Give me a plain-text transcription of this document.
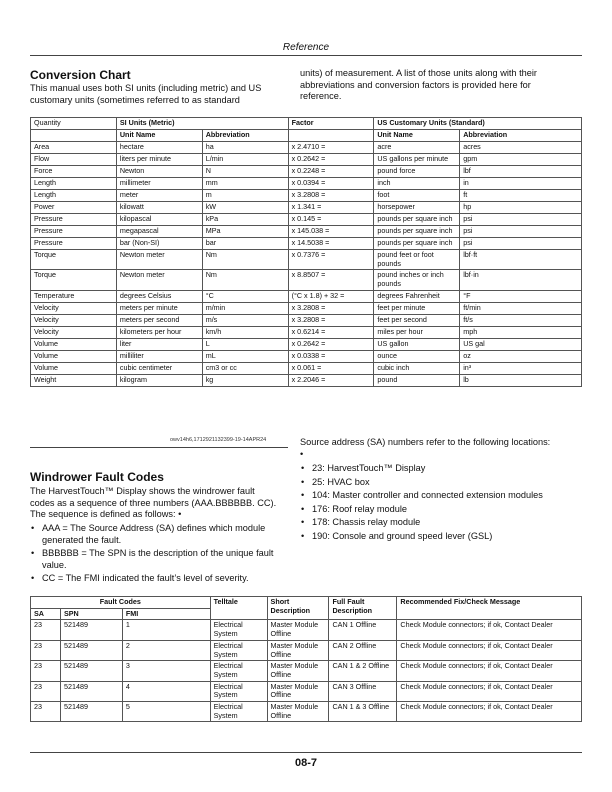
Reference
Conversion Chart
This manual uses both SI units (including metric) and US customary units (sometimes referred to as standard
units) of measurement. A list of those units along with their abbreviations and conversion factors is provided here for reference.
Quantity	SI Units (Metric)		Factor	US Customary Units (Standard)	
	Unit Name	Abbreviation		Unit Name	Abbreviation
Area	hectare	ha	x 2.4710 =	acre	acres
Flow	liters per minute	L/min	x 0.2642 =	US gallons per minute	gpm
Force	Newton	N	x 0.2248 =	pound force	lbf
Length	millimeter	mm	x 0.0394 =	inch	in
Length	meter	m	x 3.2808 =	foot	ft
Power	kilowatt	kW	x 1.341 =	horsepower	hp
Pressure	kilopascal	kPa	x 0.145 =	pounds per square inch	psi
Pressure	megapascal	MPa	x 145.038 =	pounds per square inch	psi
Pressure	bar (Non-SI)	bar	x 14.5038 =	pounds per square inch	psi
Torque	Newton meter	Nm	x 0.7376 =	pound feet or foot pounds	lbf·ft
Torque	Newton meter	Nm	x 8.8507 =	pound inches or inch pounds	lbf·in
Temperature	degrees Celsius	°C	(°C x 1.8) + 32 =	degrees Fahrenheit	°F
Velocity	meters per minute	m/min	x 3.2808 =	feet per minute	ft/min
Velocity	meters per second	m/s	x 3.2808 =	feet per second	ft/s
Velocity	kilometers per hour	km/h	x 0.6214 =	miles per hour	mph
Volume	liter	L	x 0.2642 =	US gallon	US gal
Volume	milliliter	mL	x 0.0338 =	ounce	oz
Volume	cubic centimeter	cm3 or cc	x 0.061 =	cubic inch	in³
Weight	kilogram	kg	x 2.2046 =	pound	lb
owv14h6,1712921132399-19-14APR24
Windrower Fault Codes
The HarvestTouch™ Display shows the windrower fault codes as a sequence of three numbers (AAA.BBBBBB. CC). The sequence is defined as follows: •
• AAA = The Source Address (SA) defines which module generated the fault.
• BBBBBB = The SPN is the description of the unique fault value.
• CC = The FMI indicated the fault’s level of severity.
Source address (SA) numbers refer to the following locations: •
• 23: HarvestTouch™ Display
• 25: HVAC box
• 104: Master controller and connected extension modules
• 176: Roof relay module
• 178: Chassis relay module
• 190: Console and ground speed lever (GSL)
Fault Codes			Telltale	Short Description	Full Fault Description	Recommended Fix/Check Message
SA	SPN	FMI				
23	521489	1	Electrical System	Master Module Offline	CAN 1 Offline	Check Module connectors; if ok, Contact Dealer
23	521489	2	Electrical System	Master Module Offline	CAN 2 Offline	Check Module connectors; if ok, Contact Dealer
23	521489	3	Electrical System	Master Module Offline	CAN 1 & 2 Offline	Check Module connectors; if ok, Contact Dealer
23	521489	4	Electrical System	Master Module Offline	CAN 3 Offline	Check Module connectors; if ok, Contact Dealer
23	521489	5	Electrical System	Master Module Offline	CAN 1 & 3 Offline	Check Module connectors; if ok, Contact Dealer
08-7
